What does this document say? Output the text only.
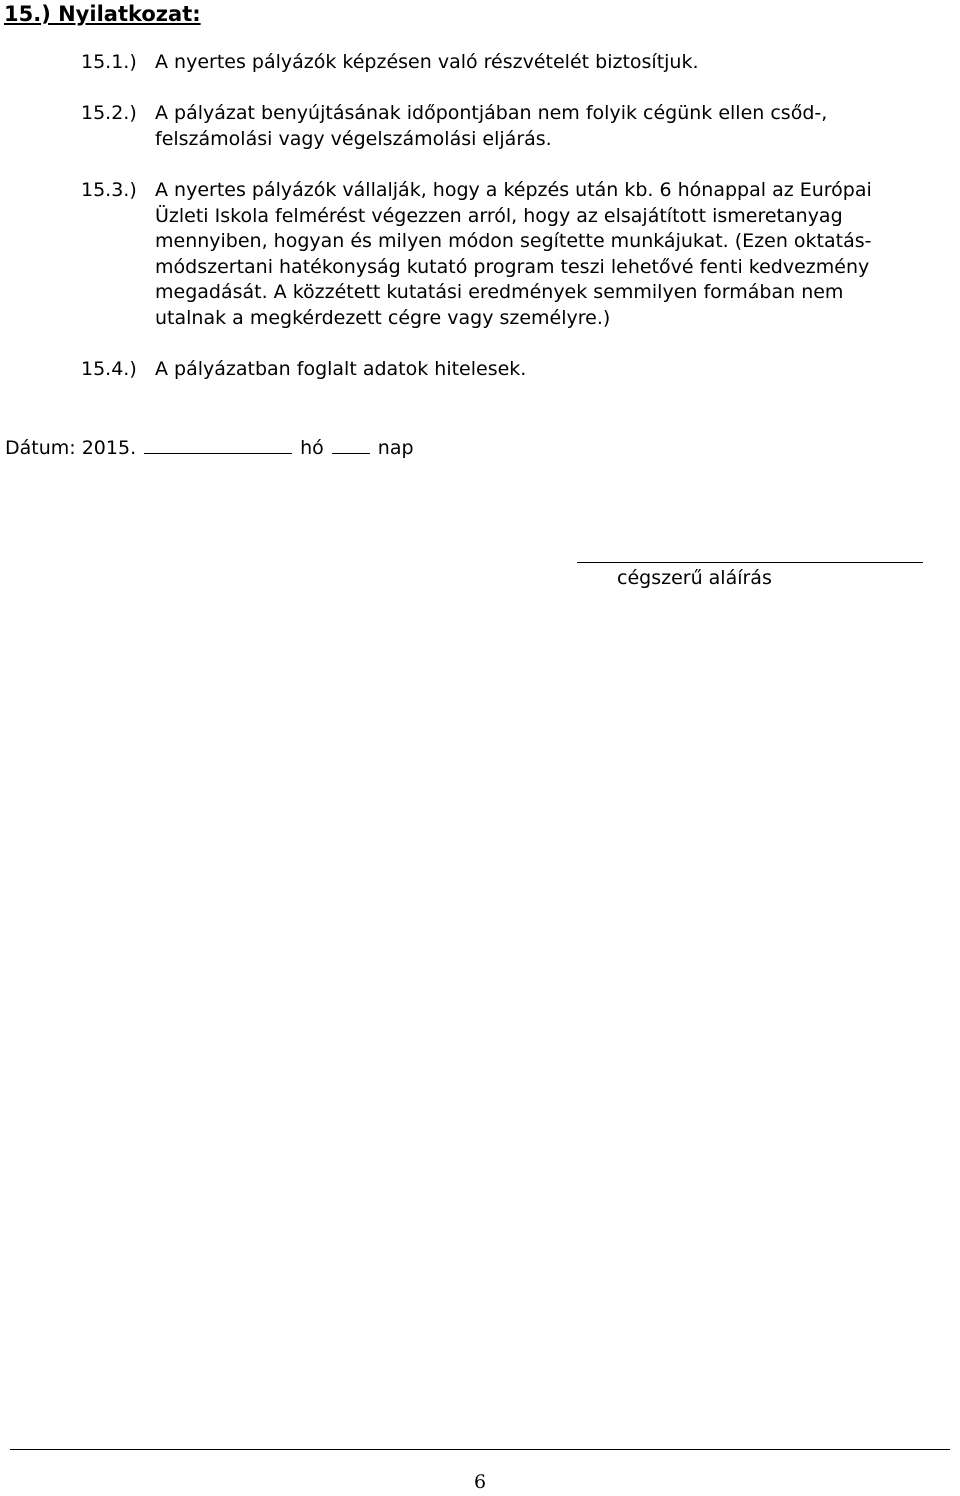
15.) Nyilatkozat:
15.1.) A nyertes pályázók képzésen való részvételét biztosítjuk.
15.2.) A pályázat benyújtásának időpontjában nem folyik cégünk ellen csőd-,
felszámolási vagy végelszámolási eljárás.
15.3.) A nyertes pályázók vállalják, hogy a képzés után kb. 6 hónappal az Európai
Üzleti Iskola felmérést végezzen arról, hogy az elsajátított ismeretanyag
mennyiben, hogyan és milyen módon segítette munkájukat. (Ezen oktatás-
módszertani hatékonyság kutató program teszi lehetővé fenti kedvezmény
megadását. A közzétett kutatási eredmények semmilyen formában nem
utalnak a megkérdezett cégre vagy személyre.)
15.4.) A pályázatban foglalt adatok hitelesek.
Dátum: 2015.	hó	nap
cégszerű aláírás
6
